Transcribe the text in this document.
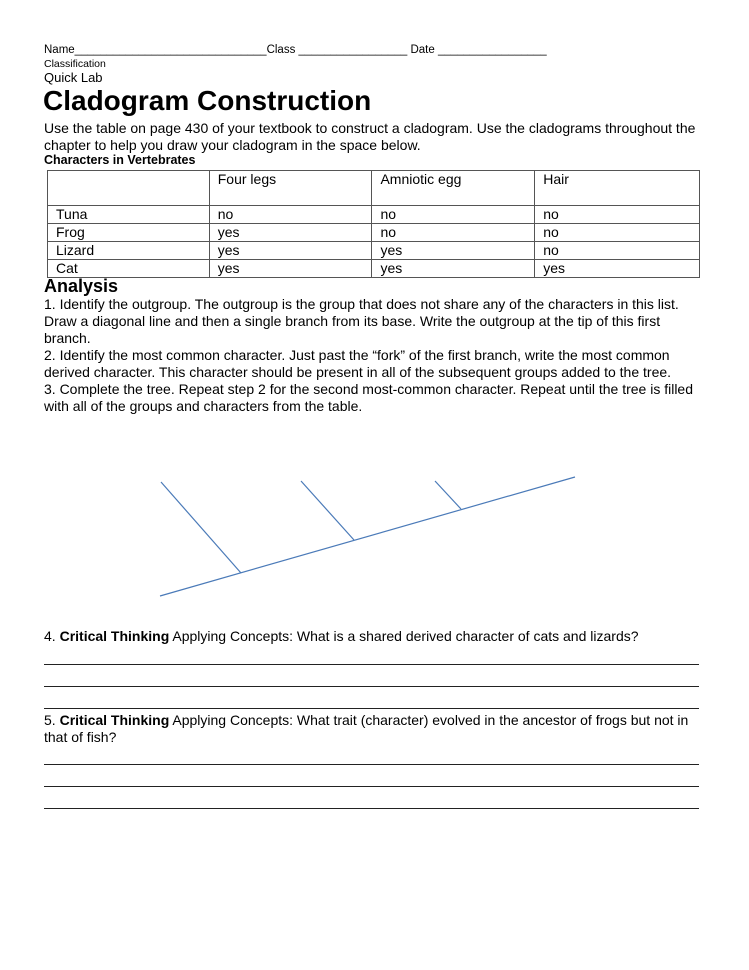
Name______________________________Class _________________ Date _________________
Classification
Quick Lab
Cladogram Construction
Use the table on page 430 of your textbook to construct a cladogram. Use the cladograms throughout the chapter to help you draw your cladogram in the space below.
Characters in Vertebrates
	Four legs	Amniotic egg	Hair
Tuna	no	no	no
Frog	yes	no	no
Lizard	yes	yes	no
Cat	yes	yes	yes
Analysis

1. Identify the outgroup. The outgroup is the group that does not share any of the characters in this list. Draw a diagonal line and then a single branch from its base. Write the outgroup at the tip of this first branch.

2. Identify the most common character. Just past the “fork” of the first branch, write the most common derived character. This character should be present in all of the subsequent groups added to the tree.

3. Complete the tree. Repeat step 2 for the second most-common character. Repeat until the tree is filled with all of the groups and characters from the table.

4. Critical Thinking Applying Concepts: What is a shared derived character of cats and lizards?
5. Critical Thinking Applying Concepts: What trait (character) evolved in the ancestor of frogs but not in that of fish?
